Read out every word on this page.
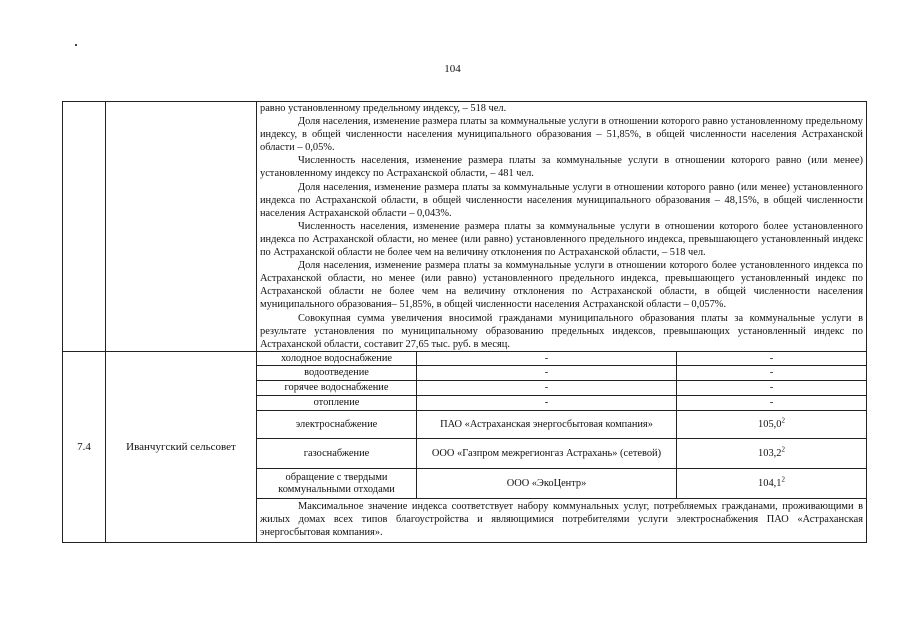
104

равно установленному предельному индексу, – 518 чел.

Доля населения, изменение размера платы за коммунальные услуги в отношении которого равно установленному предельному индексу, в общей численности населения муниципального образования – 51,85%, в общей численности населения Астраханской области – 0,05%.

Численность населения, изменение размера платы за коммунальные услуги в отношении которого равно (или менее) установленному индексу по Астраханской области, – 481 чел.

Доля населения, изменение размера платы за коммунальные услуги в отношении которого равно (или менее) установленного индекса по Астраханской области, в общей численности населения муниципального образования – 48,15%, в общей численности населения Астраханской области – 0,043%.

Численность населения, изменение размера платы за коммунальные услуги в отношении которого более установленного индекса по Астраханской области, но менее (или равно) установленного предельного индекса, превышающего установленный индекс по Астраханской области не более чем на величину отклонения по Астраханской области, – 518 чел.

Доля населения, изменение размера платы за коммунальные услуги в отношении которого более установленного индекса по Астраханской области, но менее (или равно) установленного предельного индекса, превышающего установленный индекс по Астраханской области не более чем на величину отклонения по Астраханской области, в общей численности населения муниципального образования– 51,85%, в общей численности населения Астраханской области – 0,057%.

Совокупная сумма увеличения вносимой гражданами муниципального образования платы за коммунальные услуги в результате установления по муниципальному образованию предельных индексов, превышающих установленный индекс по Астраханской области, составит 27,65 тыс. руб. в месяц.

7.4	Иванчугский сельсовет	
холодное водоснабжение	-	-
водоотведение	-	-
горячее водоснабжение	-	-
отопление	-	-
электроснабжение	ПАО «Астраханская энергосбытовая компания»	105,0$^2$
газоснабжение	ООО «Газпром межрегионгаз Астрахань» (сетевой)	103,2$^2$
обращение с твердыми коммунальными отходами	ООО «ЭкоЦентр»	104,1$^2$

Максимальное значение индекса соответствует набору коммунальных услуг, потребляемых гражданами, проживающими в жилых домах всех типов благоустройства и являющимися потребителями услуги электроснабжения ПАО «Астраханская энергосбытовая компания».
